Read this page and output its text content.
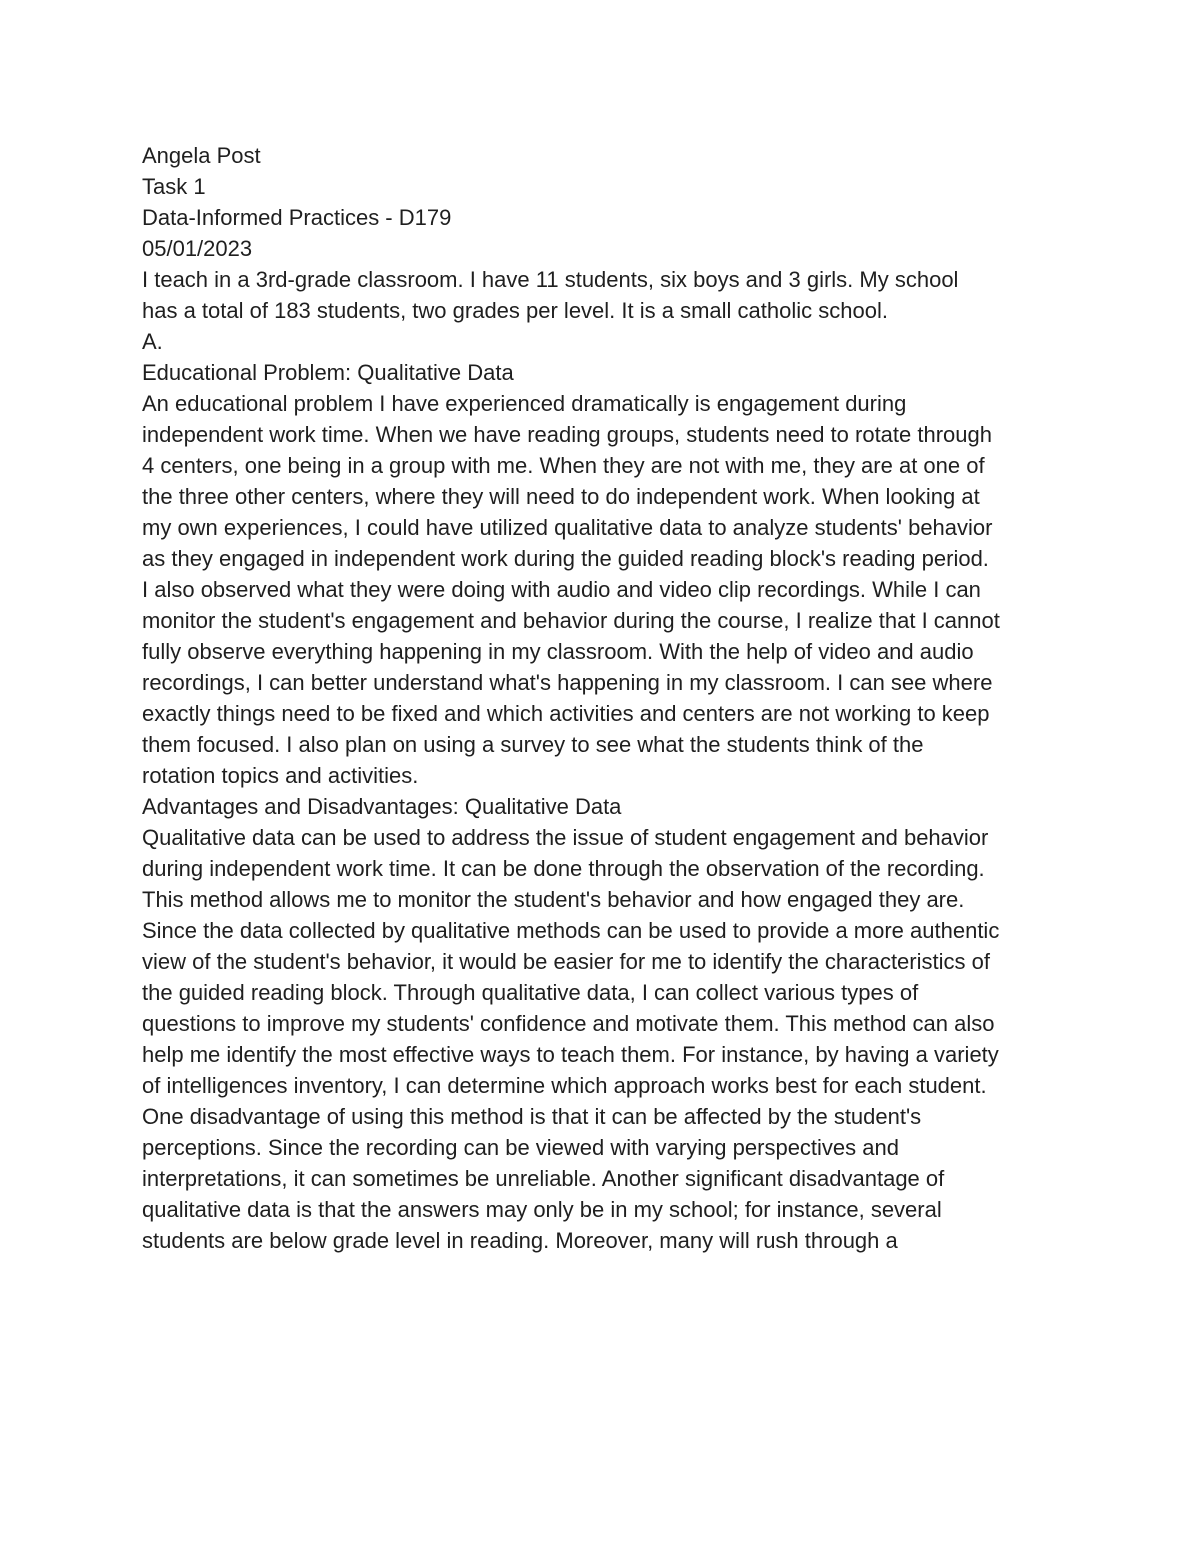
Angela Post
Task 1
Data-Informed Practices - D179
05/01/2023
I teach in a 3rd-grade classroom. I have 11 students, six boys and 3 girls. My school
has a total of 183 students, two grades per level. It is a small catholic school.
A.
Educational Problem: Qualitative Data
An educational problem I have experienced dramatically is engagement during
independent work time. When we have reading groups, students need to rotate through
4 centers, one being in a group with me. When they are not with me, they are at one of
the three other centers, where they will need to do independent work. When looking at
my own experiences, I could have utilized qualitative data to analyze students' behavior
as they engaged in independent work during the guided reading block's reading period.
I also observed what they were doing with audio and video clip recordings. While I can
monitor the student's engagement and behavior during the course, I realize that I cannot
fully observe everything happening in my classroom. With the help of video and audio
recordings, I can better understand what's happening in my classroom. I can see where
exactly things need to be fixed and which activities and centers are not working to keep
them focused. I also plan on using a survey to see what the students think of the
rotation topics and activities.
Advantages and Disadvantages: Qualitative Data
Qualitative data can be used to address the issue of student engagement and behavior
during independent work time. It can be done through the observation of the recording.
This method allows me to monitor the student's behavior and how engaged they are.
Since the data collected by qualitative methods can be used to provide a more authentic
view of the student's behavior, it would be easier for me to identify the characteristics of
the guided reading block. Through qualitative data, I can collect various types of
questions to improve my students' confidence and motivate them. This method can also
help me identify the most effective ways to teach them. For instance, by having a variety
of intelligences inventory, I can determine which approach works best for each student.
One disadvantage of using this method is that it can be affected by the student's
perceptions. Since the recording can be viewed with varying perspectives and
interpretations, it can sometimes be unreliable. Another significant disadvantage of
qualitative data is that the answers may only be in my school; for instance, several
students are below grade level in reading. Moreover, many will rush through a
